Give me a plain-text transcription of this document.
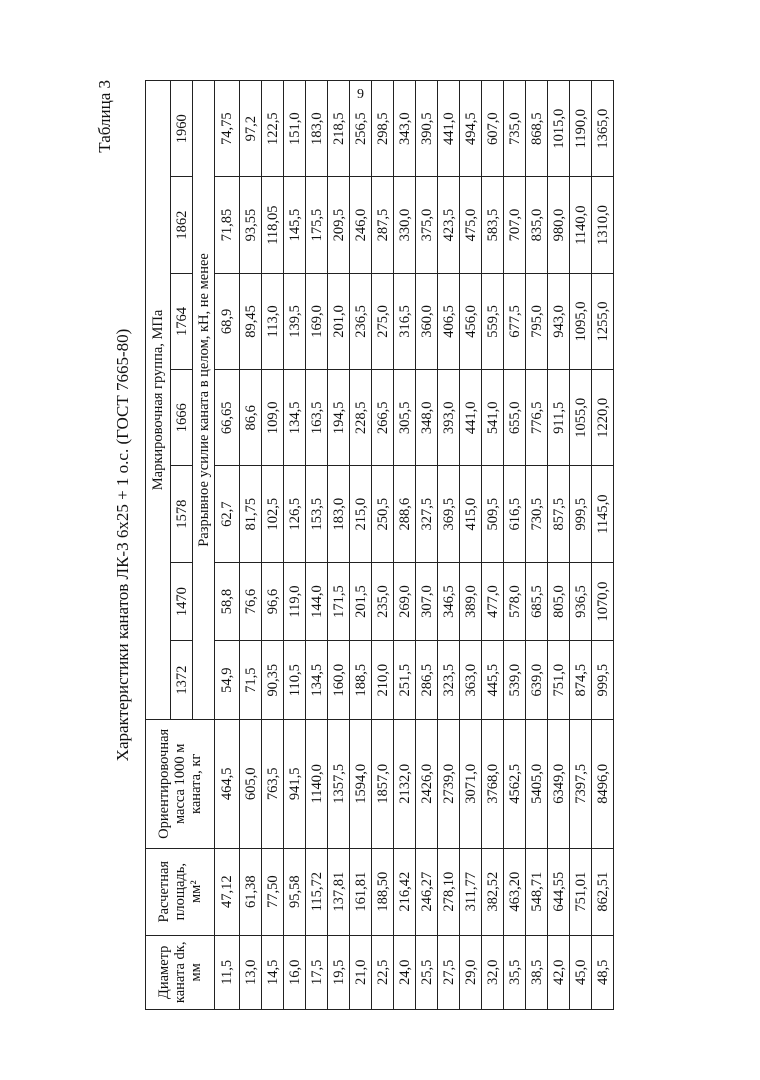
9
Таблица 3
Характеристики канатов ЛК-3 6х25 + 1 о.с. (ГОСТ 7665-80)
Диаметр каната dк, мм	Расчетная площадь, мм²	Ориентировочная масса 1000 м каната, кг	Маркировочная группа, МПа						
			1372	1470	1578	1666	1764	1862	1960
			Разрывное усилие каната в целом, кН, не менее						
11,5	47,12	464,5	54,9	58,8	62,7	66,65	68,9	71,85	74,75
13,0	61,38	605,0	71,5	76,6	81,75	86,6	89,45	93,55	97,2
14,5	77,50	763,5	90,35	96,6	102,5	109,0	113,0	118,05	122,5
16,0	95,58	941,5	110,5	119,0	126,5	134,5	139,5	145,5	151,0
17,5	115,72	1140,0	134,5	144,0	153,5	163,5	169,0	175,5	183,0
19,5	137,81	1357,5	160,0	171,5	183,0	194,5	201,0	209,5	218,5
21,0	161,81	1594,0	188,5	201,5	215,0	228,5	236,5	246,0	256,5
22,5	188,50	1857,0	210,0	235,0	250,5	266,5	275,0	287,5	298,5
24,0	216,42	2132,0	251,5	269,0	288,6	305,5	316,5	330,0	343,0
25,5	246,27	2426,0	286,5	307,0	327,5	348,0	360,0	375,0	390,5
27,5	278,10	2739,0	323,5	346,5	369,5	393,0	406,5	423,5	441,0
29,0	311,77	3071,0	363,0	389,0	415,0	441,0	456,0	475,0	494,5
32,0	382,52	3768,0	445,5	477,0	509,5	541,0	559,5	583,5	607,0
35,5	463,20	4562,5	539,0	578,0	616,5	655,0	677,5	707,0	735,0
38,5	548,71	5405,0	639,0	685,5	730,5	776,5	795,0	835,0	868,5
42,0	644,55	6349,0	751,0	805,0	857,5	911,5	943,0	980,0	1015,0
45,0	751,01	7397,5	874,5	936,5	999,5	1055,0	1095,0	1140,0	1190,0
48,5	862,51	8496,0	999,5	1070,0	1145,0	1220,0	1255,0	1310,0	1365,0
